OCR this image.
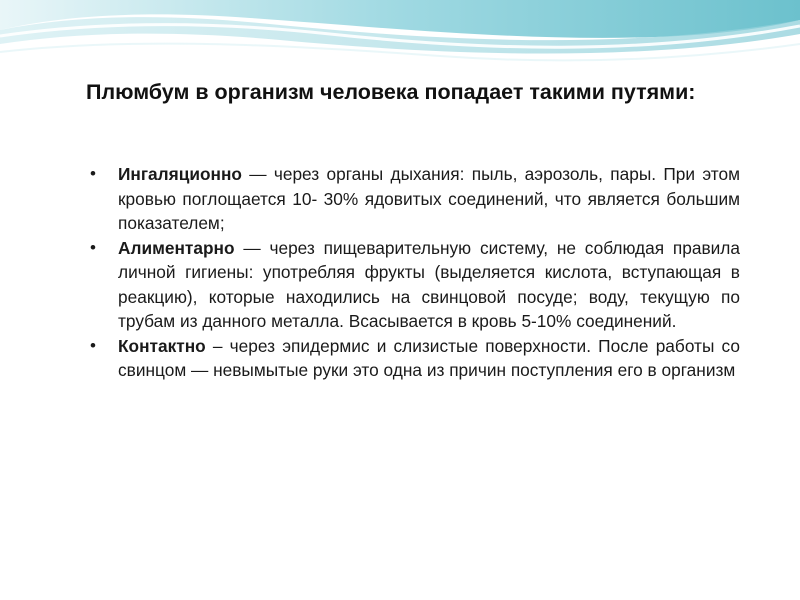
Плюмбум в организм человека попадает такими путями:
• Ингаляционно — через органы дыхания: пыль, аэрозоль, пары. При этом кровью поглощается 10- 30% ядовитых соединений, что является большим показателем;
• Алиментарно — через пищеварительную систему, не соблюдая правила личной гигиены: употребляя фрукты (выделяется кислота, вступающая в реакцию), которые находились на свинцовой посуде; воду, текущую по трубам из данного металла. Всасывается в кровь 5-10% соединений.
• Контактно – через эпидермис и слизистые поверхности. После работы со свинцом — невымытые руки это одна из причин поступления его в организм
